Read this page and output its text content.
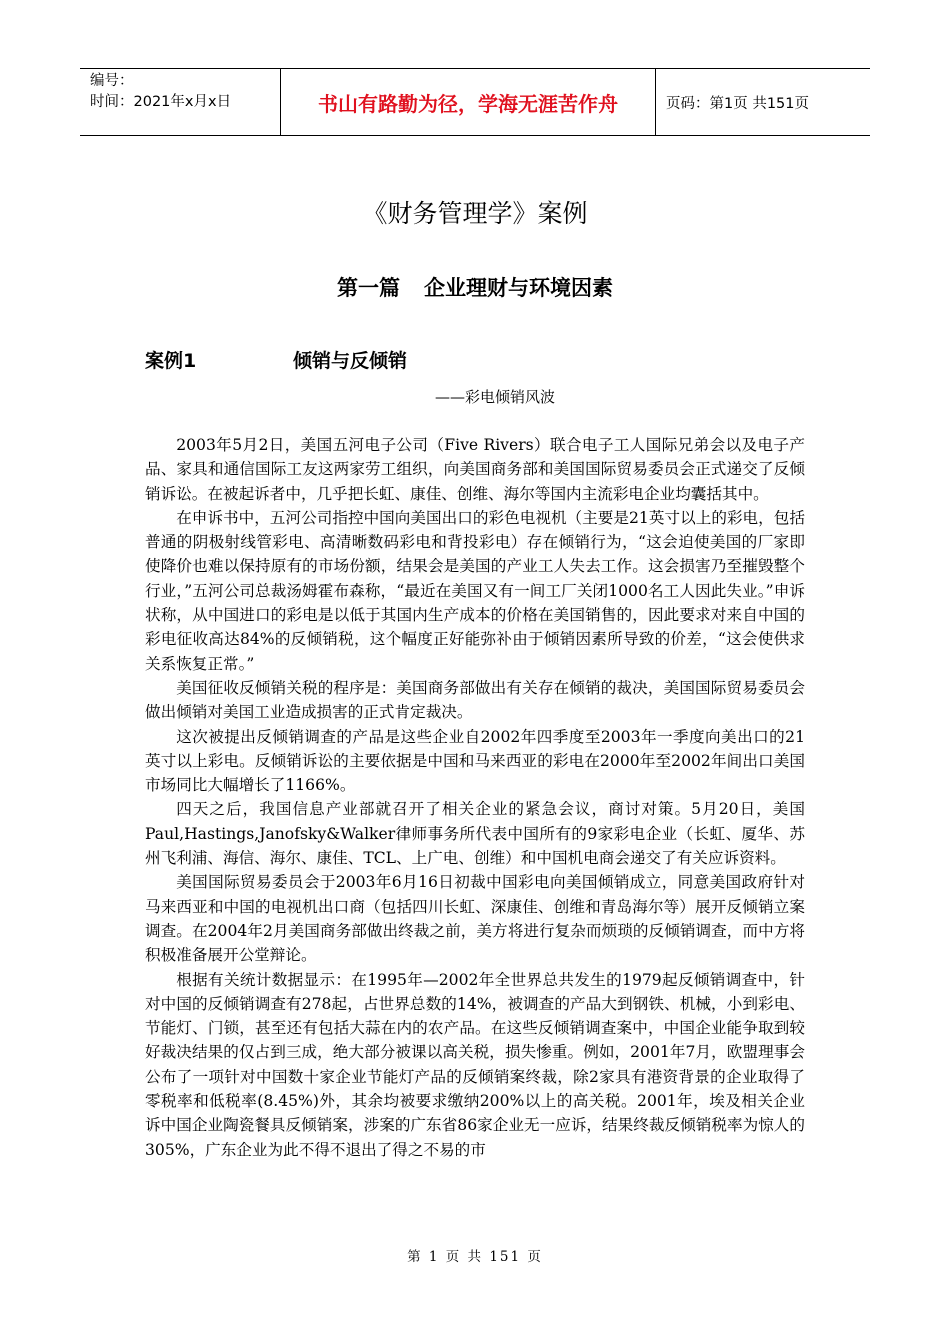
编号：
时间：2021年x月x日	书山有路勤为径，学海无涯苦作舟	页码：第1页 共151页
《财务管理学》案例
第一篇 企业理财与环境因素
案例1	倾销与反倾销
——彩电倾销风波

2003年5月2日，美国五河电子公司（Five Rivers）联合电子工人国际兄弟会以及电子产品、家具和通信国际工友这两家劳工组织，向美国商务部和美国国际贸易委员会正式递交了反倾销诉讼。在被起诉者中，几乎把长虹、康佳、创维、海尔等国内主流彩电企业均囊括其中。

在申诉书中，五河公司指控中国向美国出口的彩色电视机（主要是21英寸以上的彩电，包括普通的阴极射线管彩电、高清晰数码彩电和背投彩电）存在倾销行为，“这会迫使美国的厂家即使降价也难以保持原有的市场份额，结果会是美国的产业工人失去工作。这会损害乃至摧毁整个行业，”五河公司总裁汤姆霍布森称，“最近在美国又有一间工厂关闭1000名工人因此失业。”申诉状称，从中国进口的彩电是以低于其国内生产成本的价格在美国销售的，因此要求对来自中国的彩电征收高达84%的反倾销税，这个幅度正好能弥补由于倾销因素所导致的价差，“这会使供求关系恢复正常。”

美国征收反倾销关税的程序是：美国商务部做出有关存在倾销的裁决，美国国际贸易委员会做出倾销对美国工业造成损害的正式肯定裁决。

这次被提出反倾销调查的产品是这些企业自2002年四季度至2003年一季度向美出口的21英寸以上彩电。反倾销诉讼的主要依据是中国和马来西亚的彩电在2000年至2002年间出口美国市场同比大幅增长了1166%。

四天之后，我国信息产业部就召开了相关企业的紧急会议，商讨对策。5月20日，美国Paul,Hastings,Janofsky&Walker律师事务所代表中国所有的9家彩电企业（长虹、厦华、苏州飞利浦、海信、海尔、康佳、TCL、上广电、创维）和中国机电商会递交了有关应诉资料。

美国国际贸易委员会于2003年6月16日初裁中国彩电向美国倾销成立，同意美国政府针对马来西亚和中国的电视机出口商（包括四川长虹、深康佳、创维和青岛海尔等）展开反倾销立案调查。在2004年2月美国商务部做出终裁之前，美方将进行复杂而烦琐的反倾销调查，而中方将积极准备展开公堂辩论。

根据有关统计数据显示：在1995年—2002年全世界总共发生的1979起反倾销调查中，针对中国的反倾销调查有278起，占世界总数的14%，被调查的产品大到钢铁、机械，小到彩电、节能灯、门锁，甚至还有包括大蒜在内的农产品。在这些反倾销调查案中，中国企业能争取到较好裁决结果的仅占到三成，绝大部分被课以高关税，损失惨重。例如，2001年7月，欧盟理事会公布了一项针对中国数十家企业节能灯产品的反倾销案终裁，除2家具有港资背景的企业取得了零税率和低税率(8.45%)外，其余均被要求缴纳200%以上的高关税。2001年，埃及相关企业诉中国企业陶瓷餐具反倾销案，涉案的广东省86家企业无一应诉，结果终裁反倾销税率为惊人的305%，广东企业为此不得不退出了得之不易的市

第 1 页 共 151 页
